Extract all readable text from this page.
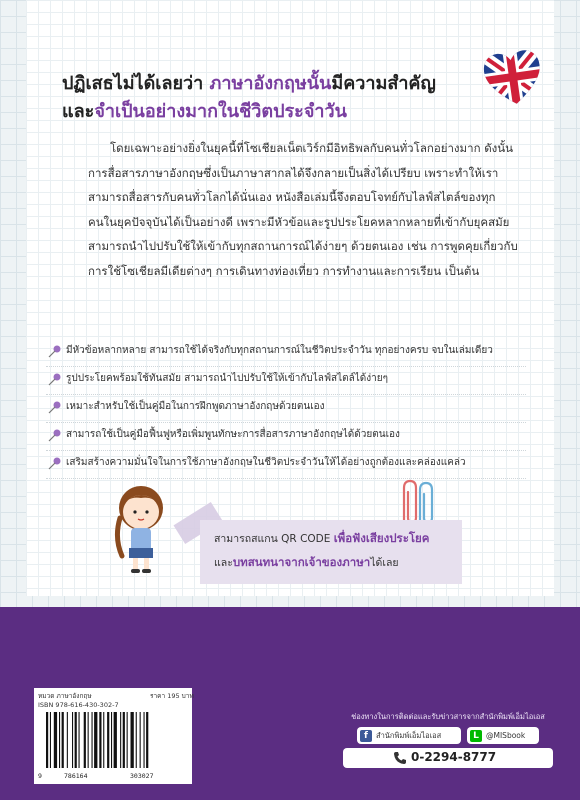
ปฏิเสธไม่ได้เลยว่า ภาษาอังกฤษนั้นมีความสำคัญ
และจำเป็นอย่างมากในชีวิตประจำวัน
โดยเฉพาะอย่างยิ่งในยุคนี้ที่โซเชียลเน็ตเวิร์กมีอิทธิพลกับคนทั่วโลกอย่างมาก ดังนั้น การสื่อสารภาษาอังกฤษซึ่งเป็นภาษาสากลได้จึงกลายเป็นสิ่งได้เปรียบ เพราะทำให้เราสามารถสื่อสารกับคนทั่วโลกได้นั่นเอง หนังสือเล่มนี้จึงตอบโจทย์กับไลฟ์สไตล์ของทุกคนในยุคปัจจุบันได้เป็นอย่างดี เพราะมีหัวข้อและรูปประโยคหลากหลายที่เข้ากับยุคสมัย สามารถนำไปปรับใช้ให้เข้ากับทุกสถานการณ์ได้ง่ายๆ ด้วยตนเอง เช่น การพูดคุยเกี่ยวกับการใช้โซเชียลมีเดียต่างๆ การเดินทางท่องเที่ยว การทำงานและการเรียน เป็นต้น
มีหัวข้อหลากหลาย สามารถใช้ได้จริงกับทุกสถานการณ์ในชีวิตประจำวัน ทุกอย่างครบ จบในเล่มเดียว
รูปประโยคพร้อมใช้ทันสมัย สามารถนำไปปรับใช้ให้เข้ากับไลฟ์สไตล์ได้ง่ายๆ
เหมาะสำหรับใช้เป็นคู่มือในการฝึกพูดภาษาอังกฤษด้วยตนเอง
สามารถใช้เป็นคู่มือฟื้นฟูหรือเพิ่มพูนทักษะการสื่อสารภาษาอังกฤษได้ด้วยตนเอง
เสริมสร้างความมั่นใจในการใช้ภาษาอังกฤษในชีวิตประจำวันให้ได้อย่างถูกต้องและคล่องแคล่ว
สามารถสแกน QR CODE เพื่อฟังเสียงประโยค
และบทสนทนาจากเจ้าของภาษาได้เลย
หมวด ภาษาอังกฤษ	ราคา 195 บาท
ISBN 978-616-430-302-7
9	786164	303027
ช่องทางในการติดต่อและรับข่าวสารจากสำนักพิมพ์เอ็มไอเอส
f สำนักพิมพ์เอ็มไอเอส	L @MISbook
0-2294-8777
